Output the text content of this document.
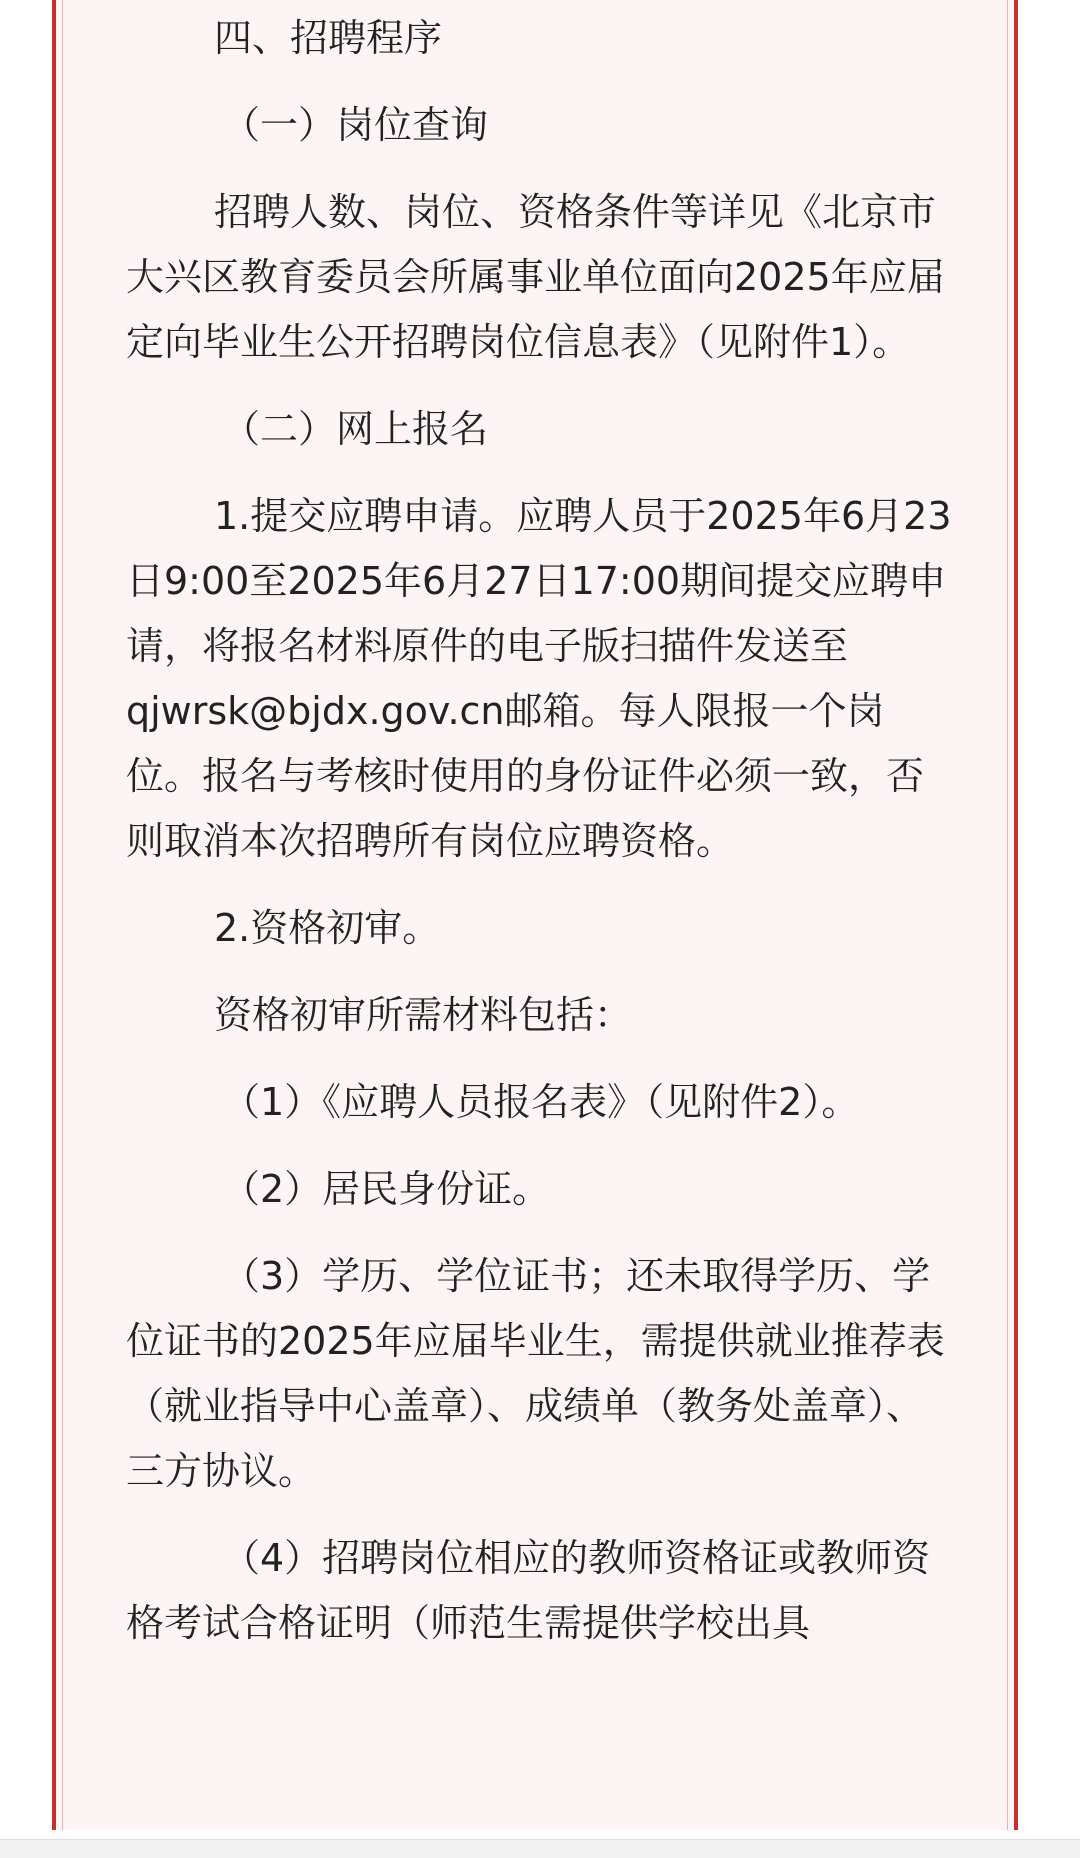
四、招聘程序

（一）岗位查询

招聘人数、岗位、资格条件等详见《北京市大兴区教育委员会所属事业单位面向2025年应届定向毕业生公开招聘岗位信息表》（见附件1）。

（二）网上报名

1.提交应聘申请。应聘人员于2025年6月23日9:00至2025年6月27日17:00期间提交应聘申请，将报名材料原件的电子版扫描件发送至qjwrsk@bjdx.gov.cn邮箱。每人限报一个岗位。报名与考核时使用的身份证件必须一致，否则取消本次招聘所有岗位应聘资格。

2.资格初审。

资格初审所需材料包括：

（1）《应聘人员报名表》（见附件2）。

（2）居民身份证。

（3）学历、学位证书；还未取得学历、学位证书的2025年应届毕业生，需提供就业推荐表（就业指导中心盖章）、成绩单（教务处盖章）、三方协议。

（4）招聘岗位相应的教师资格证或教师资格考试合格证明（师范生需提供学校出具
